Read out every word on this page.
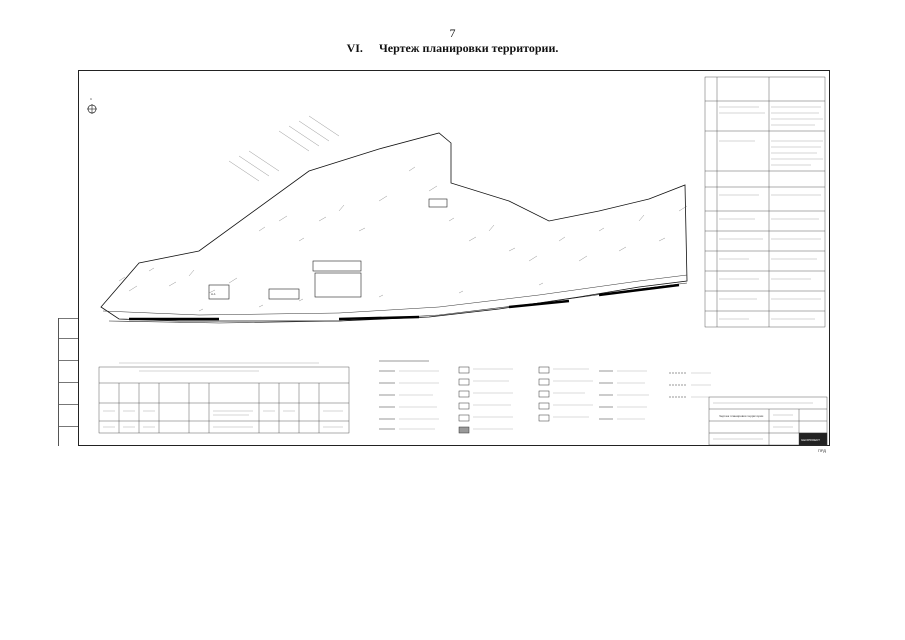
7
VI. Чертеж планировки территории.
С
A-1
GEOPROEKT
Чертеж планировки территории
ПРД
